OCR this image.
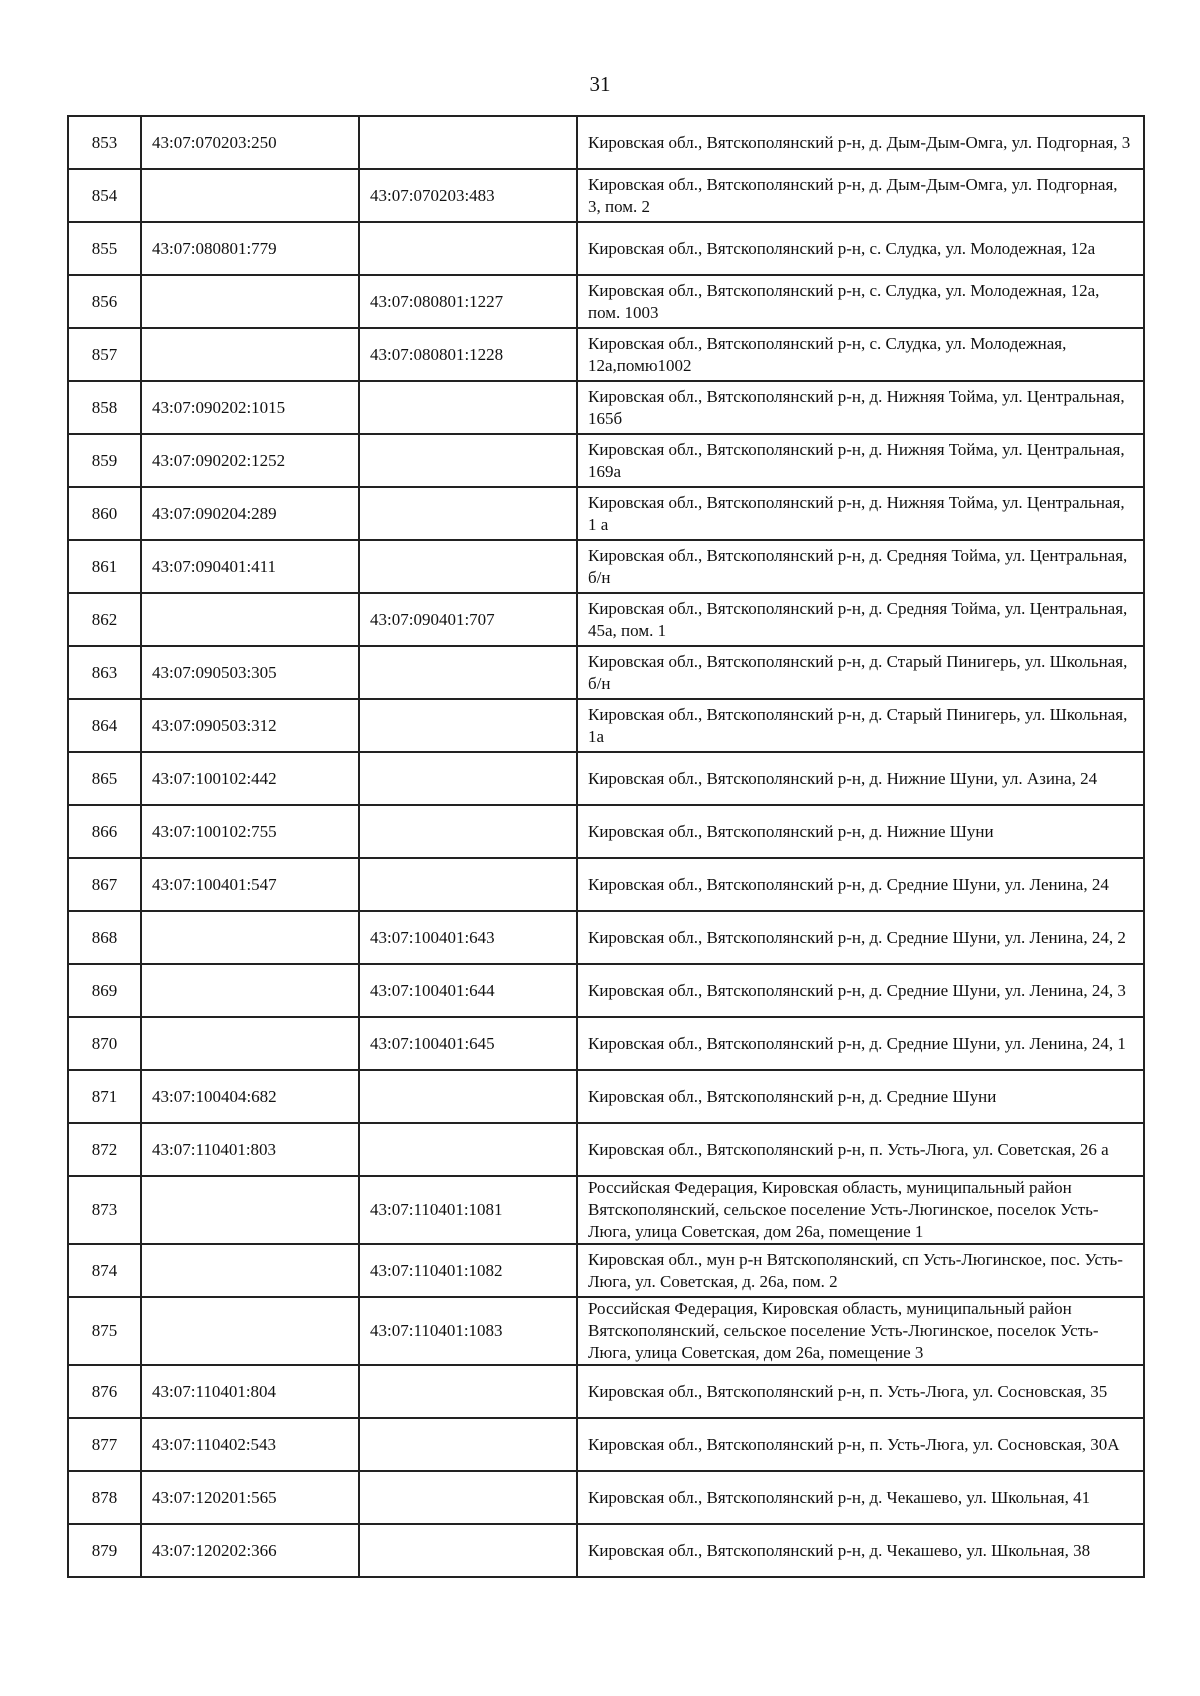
31
853	43:07:070203:250		Кировская обл., Вятскополянский р-н, д. Дым-Дым-Омга, ул. Подгорная, 3
854		43:07:070203:483	Кировская обл., Вятскополянский р-н, д. Дым-Дым-Омга, ул. Подгорная, 3, пом. 2
855	43:07:080801:779		Кировская обл., Вятскополянский р-н, с. Слудка, ул. Молодежная, 12а
856		43:07:080801:1227	Кировская обл., Вятскополянский р-н, с. Слудка, ул. Молодежная, 12а, пом. 1003
857		43:07:080801:1228	Кировская обл., Вятскополянский р-н, с. Слудка, ул. Молодежная, 12а,помю1002
858	43:07:090202:1015		Кировская обл., Вятскополянский р-н, д. Нижняя Тойма, ул. Центральная, 165б
859	43:07:090202:1252		Кировская обл., Вятскополянский р-н, д. Нижняя Тойма, ул. Центральная, 169а
860	43:07:090204:289		Кировская обл., Вятскополянский р-н, д. Нижняя Тойма, ул. Центральная, 1 а
861	43:07:090401:411		Кировская обл., Вятскополянский р-н, д. Средняя Тойма, ул. Центральная, б/н
862		43:07:090401:707	Кировская обл., Вятскополянский р-н, д. Средняя Тойма, ул. Центральная, 45а, пом. 1
863	43:07:090503:305		Кировская обл., Вятскополянский р-н, д. Старый Пинигерь, ул. Школьная, б/н
864	43:07:090503:312		Кировская обл., Вятскополянский р-н, д. Старый Пинигерь, ул. Школьная, 1а
865	43:07:100102:442		Кировская обл., Вятскополянский р-н, д. Нижние Шуни, ул. Азина, 24
866	43:07:100102:755		Кировская обл., Вятскополянский р-н, д. Нижние Шуни
867	43:07:100401:547		Кировская обл., Вятскополянский р-н, д. Средние Шуни, ул. Ленина, 24
868		43:07:100401:643	Кировская обл., Вятскополянский р-н, д. Средние Шуни, ул. Ленина, 24, 2
869		43:07:100401:644	Кировская обл., Вятскополянский р-н, д. Средние Шуни, ул. Ленина, 24, 3
870		43:07:100401:645	Кировская обл., Вятскополянский р-н, д. Средние Шуни, ул. Ленина, 24, 1
871	43:07:100404:682		Кировская обл., Вятскополянский р-н, д. Средние Шуни
872	43:07:110401:803		Кировская обл., Вятскополянский р-н, п. Усть-Люга, ул. Советская, 26 а
873		43:07:110401:1081	Российская Федерация, Кировская область, муниципальный район Вятскополянский, сельское поселение Усть-Люгинское, поселок Усть-Люга, улица Советская, дом 26а, помещение 1
874		43:07:110401:1082	Кировская обл., мун р-н Вятскополянский, сп Усть-Люгинское, пос. Усть-Люга, ул. Советская, д. 26а, пом. 2
875		43:07:110401:1083	Российская Федерация, Кировская область, муниципальный район Вятскополянский, сельское поселение Усть-Люгинское, поселок Усть-Люга, улица Советская, дом 26а, помещение 3
876	43:07:110401:804		Кировская обл., Вятскополянский р-н, п. Усть-Люга, ул. Сосновская, 35
877	43:07:110402:543		Кировская обл., Вятскополянский р-н, п. Усть-Люга, ул. Сосновская, 30А
878	43:07:120201:565		Кировская обл., Вятскополянский р-н, д. Чекашево, ул. Школьная, 41
879	43:07:120202:366		Кировская обл., Вятскополянский р-н, д. Чекашево, ул. Школьная, 38
